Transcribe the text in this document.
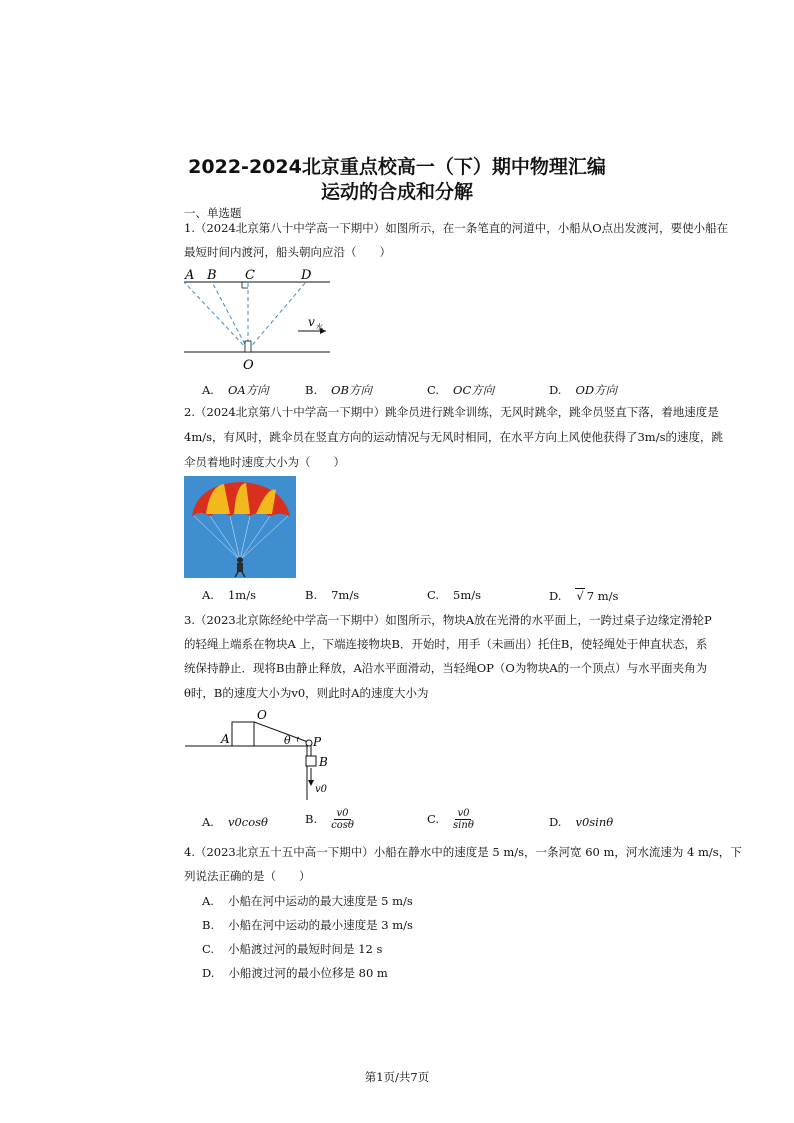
2022-2024北京重点校高一（下）期中物理汇编
运动的合成和分解
一、单选题
1.（2024北京第八十中学高一下期中）如图所示，在一条笔直的河道中，小船从O点出发渡河，要使小船在
最短时间内渡河，船头朝向应沿（　　）
A B C	D
O
v 水
A. OA方向	B. OB方向	C. OC方向	D. OD方向
2.（2024北京第八十中学高一下期中）跳伞员进行跳伞训练，无风时跳伞，跳伞员竖直下落，着地速度是
4m/s，有风时，跳伞员在竖直方向的运动情况与无风时相同，在水平方向上风使他获得了3m/s的速度，跳
伞员着地时速度大小为（　　）
A. 1m/s	B. 7m/s	C. 5m/s	D. √ 7 m/s
3.（2023北京陈经纶中学高一下期中）如图所示，物块A放在光滑的水平面上，一跨过桌子边缘定滑轮P
的轻绳上端系在物块A 上，下端连接物块B．开始时，用手（未画出）托住B，使轻绳处于伸直状态，系
统保持静止．现将B由静止释放，A沿水平面滑动，当轻绳OP（O为物块A的一个顶点）与水平面夹角为
θ时，B的速度大小为v0，则此时A的速度大小为
A
O
θ P
B
v0
A. v0cosθ	B. $\frac{v0}{\cos\theta}$	C. $\frac{v0}{\sin\theta}$	D. v0sinθ
4.（2023北京五十五中高一下期中）小船在静水中的速度是 5 m/s，一条河宽 60 m，河水流速为 4 m/s，下
列说法正确的是（　　）
A. 小船在河中运动的最大速度是 5 m/s
B. 小船在河中运动的最小速度是 3 m/s
C. 小船渡过河的最短时间是 12 s
D. 小船渡过河的最小位移是 80 m
第1页/共7页
